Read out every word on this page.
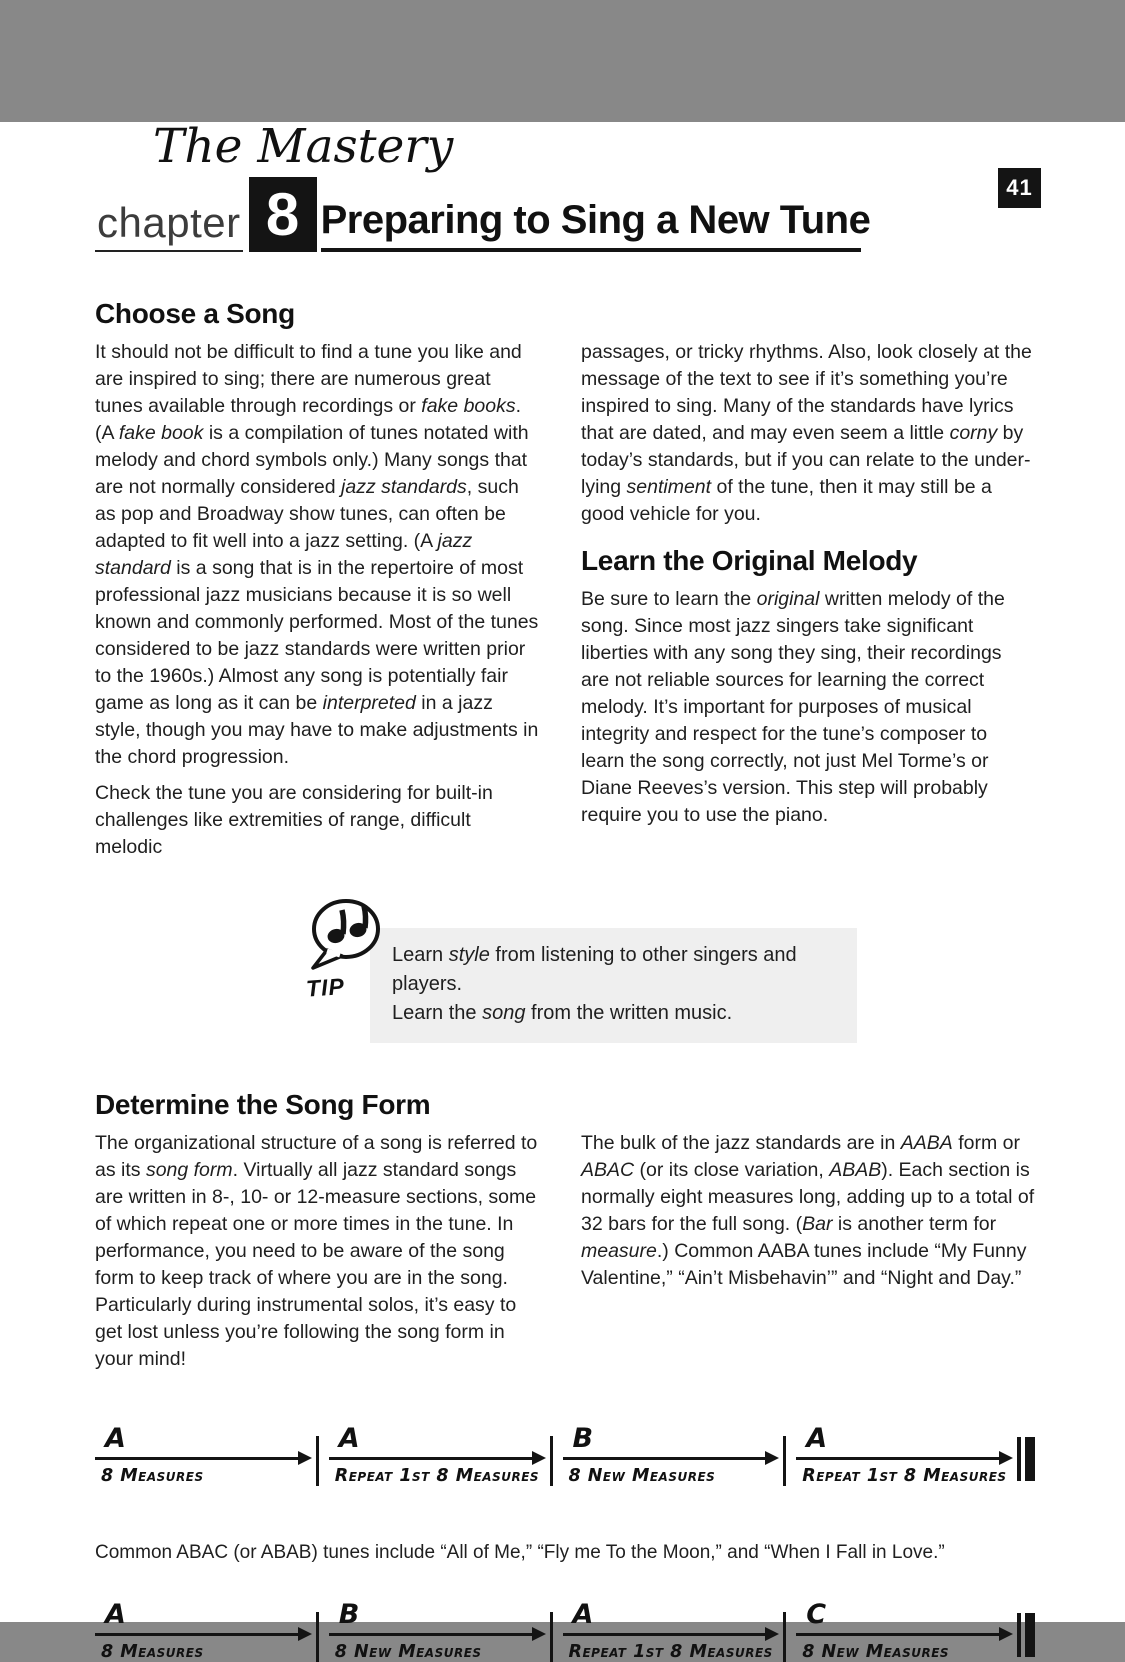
41
The Mastery
chapter 8 Preparing to Sing a New Tune
Choose a Song

It should not be difficult to find a tune you like and are inspired to sing; there are numerous great tunes available through recordings or fake books. (A fake book is a compilation of tunes notated with melody and chord symbols only.) Many songs that are not normally considered jazz standards, such as pop and Broadway show tunes, can often be adapted to fit well into a jazz setting. (A jazz standard is a song that is in the repertoire of most professional jazz musicians because it is so well known and commonly performed. Most of the tunes considered to be jazz standards were written prior to the 1960s.) Almost any song is potentially fair game as long as it can be interpreted in a jazz style, though you may have to make adjustments in the chord progression.

Check the tune you are considering for built-in challenges like extremities of range, difficult melodic

passages, or tricky rhythms. Also, look closely at the message of the text to see if it’s something you’re inspired to sing. Many of the standards have lyrics that are dated, and may even seem a little corny by today’s standards, but if you can relate to the underlying sentiment of the tune, then it may still be a good vehicle for you.

Learn the Original Melody

Be sure to learn the original written melody of the song. Since most jazz singers take significant liberties with any song they sing, their recordings are not reliable sources for learning the correct melody. It’s important for purposes of musical integrity and respect for the tune’s composer to learn the song correctly, not just Mel Torme’s or Diane Reeves’s version. This step will probably require you to use the piano.

TIP

Learn style from listening to other singers and players.

Learn the song from the written music.

Determine the Song Form

The organizational structure of a song is referred to as its song form. Virtually all jazz standard songs are written in 8-, 10- or 12-measure sections, some of which repeat one or more times in the tune. In performance, you need to be aware of the song form to keep track of where you are in the song. Particularly during instrumental solos, it’s easy to get lost unless you’re following the song form in your mind!

The bulk of the jazz standards are in AABA form or ABAC (or its close variation, ABAB). Each section is normally eight measures long, adding up to a total of 32 bars for the full song. (Bar is another term for measure.) Common AABA tunes include “My Funny Valentine,” “Ain’t Misbehavin’” and “Night and Day.”

A
8 Measures
A
Repeat 1st 8 Measures
B
8 New Measures
A
Repeat 1st 8 Measures

Common ABAC (or ABAB) tunes include “All of Me,” “Fly me To the Moon,” and “When I Fall in Love.”

A
8 Measures
B
8 New Measures
A
Repeat 1st 8 Measures
C
8 New Measures
